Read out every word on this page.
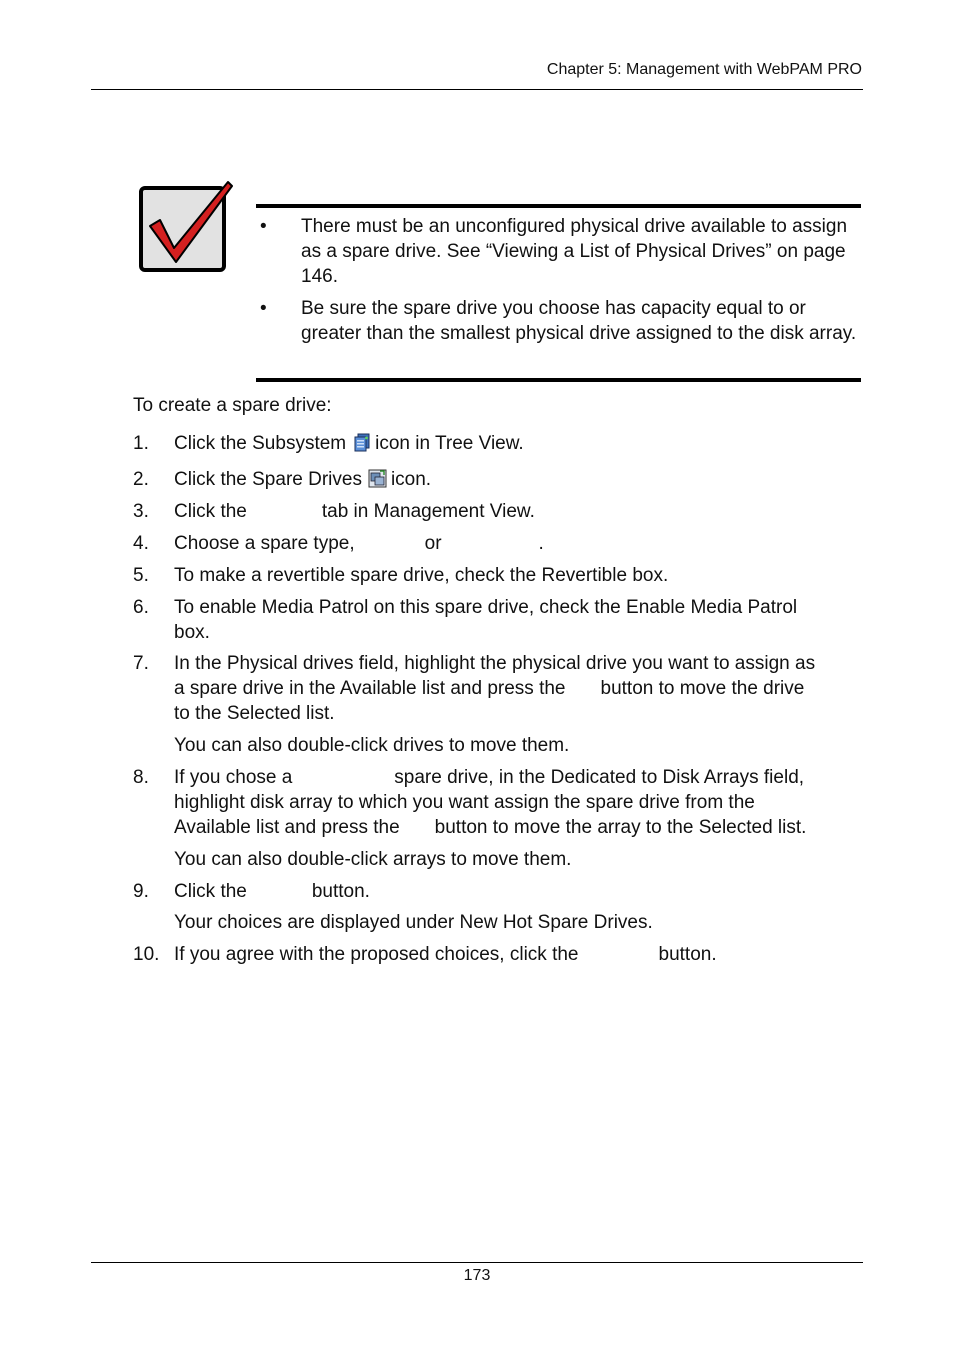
Chapter 5: Management with WebPAM PRO
• There must be an unconfigured physical drive available to assign as a spare drive. See “Viewing a List of Physical Drives” on page 146.
• Be sure the spare drive you choose has capacity equal to or greater than the smallest physical drive assigned to the disk array.
To create a spare drive:
1. Click the Subsystem icon in Tree View.
2. Click the Spare Drives icon.
3. Click the	tab in Management View.
4. Choose a spare type,	or	.
5. To make a revertible spare drive, check the Revertible box.
6. To enable Media Patrol on this spare drive, check the Enable Media Patrol
box.
7. In the Physical drives field, highlight the physical drive you want to assign as
a spare drive in the Available list and press the button to move the drive
to the Selected list.
You can also double-click drives to move them.
8. If you chose a	spare drive, in the Dedicated to Disk Arrays field,
highlight disk array to which you want assign the spare drive from the
Available list and press the button to move the array to the Selected list.
You can also double-click arrays to move them.
9. Click the	button.
Your choices are displayed under New Hot Spare Drives.
10. If you agree with the proposed choices, click the	button.
173
